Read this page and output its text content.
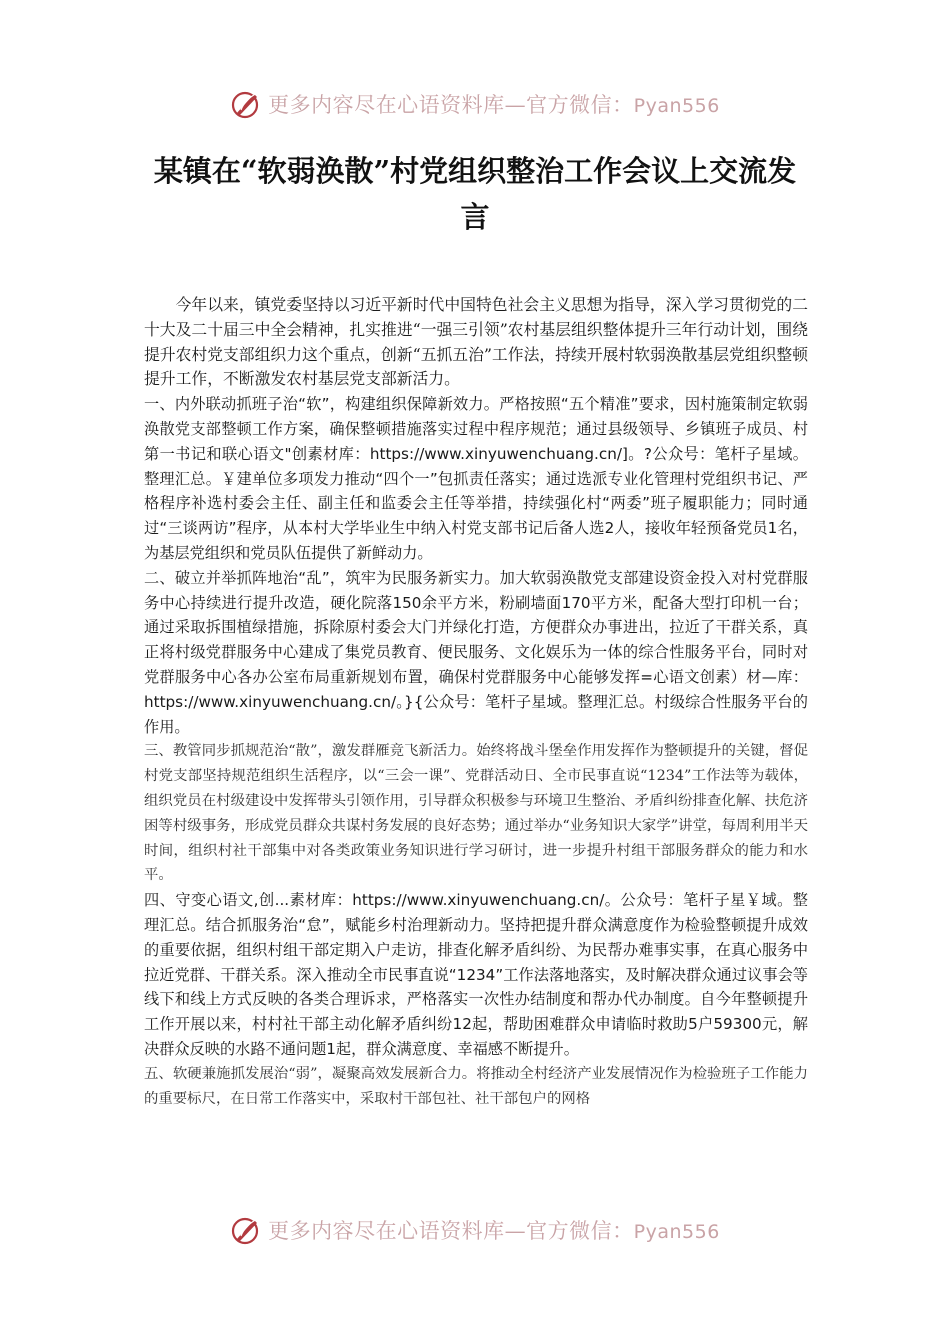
更多内容尽在心语资料库—官方微信：Pyan556
某镇在“软弱涣散”村党组织整治工作会议上交流发言

今年以来，镇党委坚持以习近平新时代中国特色社会主义思想为指导，深入学习贯彻党的二十大及二十届三中全会精神，扎实推进“一强三引领”农村基层组织整体提升三年行动计划，围绕提升农村党支部组织力这个重点，创新“五抓五治”工作法，持续开展村软弱涣散基层党组织整顿提升工作，不断激发农村基层党支部新活力。

一、内外联动抓班子治“软”，构建组织保障新效力。严格按照“五个精准”要求，因村施策制定软弱涣散党支部整顿工作方案，确保整顿措施落实过程中程序规范；通过县级领导、乡镇班子成员、村第一书记和联心语文"创素材库：https://www.xinyuwenchuang.cn/]。?公众号：笔杆子星域。整理汇总。￥建单位多项发力推动“四个一”包抓责任落实；通过选派专业化管理村党组织书记、严格程序补选村委会主任、副主任和监委会主任等举措，持续强化村“两委”班子履职能力；同时通过“三谈两访”程序，从本村大学毕业生中纳入村党支部书记后备人选2人，接收年轻预备党员1名，为基层党组织和党员队伍提供了新鲜动力。

二、破立并举抓阵地治“乱”，筑牢为民服务新实力。加大软弱涣散党支部建设资金投入对村党群服务中心持续进行提升改造，硬化院落150余平方米，粉刷墙面170平方米，配备大型打印机一台；通过采取拆围植绿措施，拆除原村委会大门并绿化打造，方便群众办事进出，拉近了干群关系，真正将村级党群服务中心建成了集党员教育、便民服务、文化娱乐为一体的综合性服务平台，同时对党群服务中心各办公室布局重新规划布置，确保村党群服务中心能够发挥=心语文创素）材—库：https://www.xinyuwenchuang.cn/。}{公众号：笔杆子星域。整理汇总。村级综合性服务平台的作用。

三、教管同步抓规范治“散”，激发群雁竞飞新活力。始终将战斗堡垒作用发挥作为整顿提升的关键，督促村党支部坚持规范组织生活程序，以“三会一课”、党群活动日、全市民事直说“1234”工作法等为载体，组织党员在村级建设中发挥带头引领作用，引导群众积极参与环境卫生整治、矛盾纠纷排查化解、扶危济困等村级事务，形成党员群众共谋村务发展的良好态势；通过举办“业务知识大家学”讲堂，每周利用半天时间，组织村社干部集中对各类政策业务知识进行学习研讨，进一步提升村组干部服务群众的能力和水平。

四、守变心语文,创...素材库：https://www.xinyuwenchuang.cn/。公众号：笔杆子星￥域。整理汇总。结合抓服务治“怠”，赋能乡村治理新动力。坚持把提升群众满意度作为检验整顿提升成效的重要依据，组织村组干部定期入户走访，排查化解矛盾纠纷、为民帮办难事实事，在真心服务中拉近党群、干群关系。深入推动全市民事直说“1234”工作法落地落实，及时解决群众通过议事会等线下和线上方式反映的各类合理诉求，严格落实一次性办结制度和帮办代办制度。自今年整顿提升工作开展以来，村村社干部主动化解矛盾纠纷12起，帮助困难群众申请临时救助5户59300元，解决群众反映的水路不通问题1起，群众满意度、幸福感不断提升。

五、软硬兼施抓发展治“弱”，凝聚高效发展新合力。将推动全村经济产业发展情况作为检验班子工作能力的重要标尺，在日常工作落实中，采取村干部包社、社干部包户的网格

更多内容尽在心语资料库—官方微信：Pyan556
